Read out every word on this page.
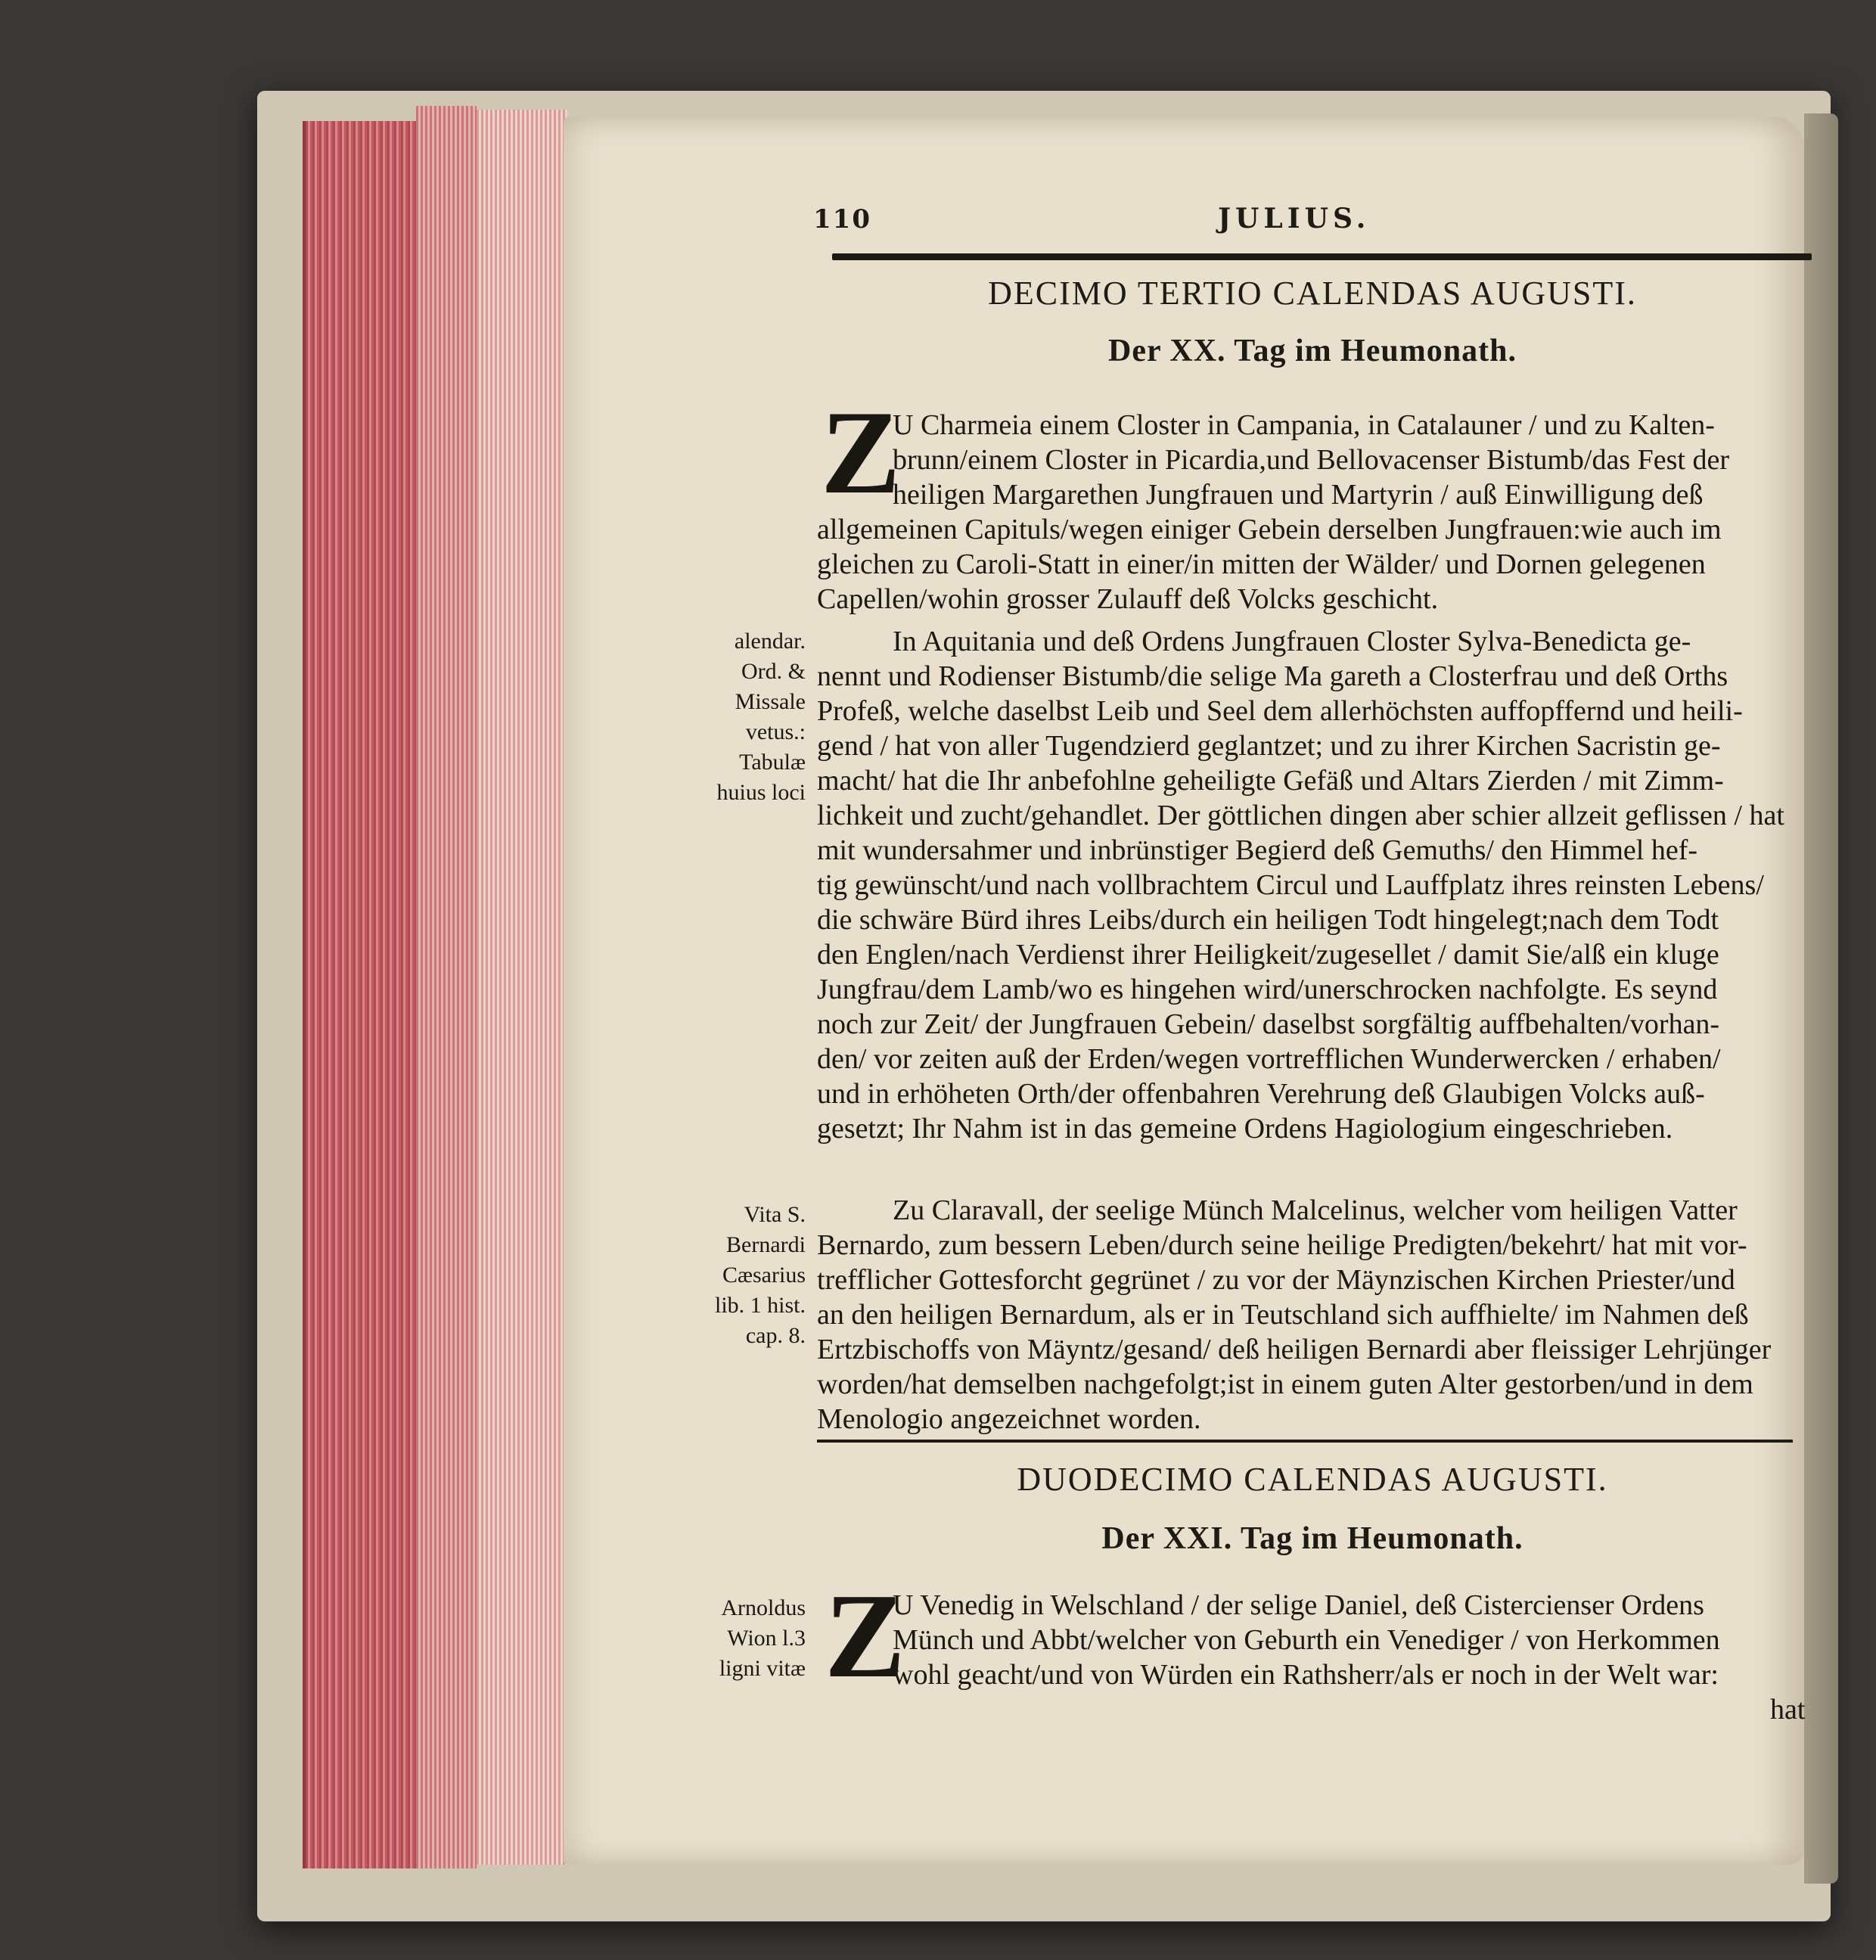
110	JULIUS.
DECIMO TERTIO CALENDAS AUGUSTI.
Der XX. Tag im Heumonath.
Z
U Charmeia einem Closter in Campania, in Catalauner / und zu Kalten-
brunn/einem Closter in Picardia,und Bellovacenser Bistumb/das Fest der
heiligen Margarethen Jungfrauen und Martyrin / auß Einwilligung deß
allgemeinen Capituls/wegen einiger Gebein derselben Jungfrauen:wie auch im
gleichen zu Caroli-Statt in einer/in mitten der Wälder/ und Dornen gelegenen
Capellen/wohin grosser Zulauff deß Volcks geschicht.
In Aquitania und deß Ordens Jungfrauen Closter Sylva-Benedicta ge-
nennt und Rodienser Bistumb/die selige Ma gareth a Closterfrau und deß Orths
Profeß, welche daselbst Leib und Seel dem allerhöchsten auffopffernd und heili-
gend / hat von aller Tugendzierd geglantzet; und zu ihrer Kirchen Sacristin ge-
macht/ hat die Ihr anbefohlne geheiligte Gefäß und Altars Zierden / mit Zimm-
lichkeit und zucht/gehandlet. Der göttlichen dingen aber schier allzeit geflissen / hat
mit wundersahmer und inbrünstiger Begierd deß Gemuths/ den Himmel hef-
tig gewünscht/und nach vollbrachtem Circul und Lauffplatz ihres reinsten Lebens/
die schwäre Bürd ihres Leibs/durch ein heiligen Todt hingelegt;nach dem Todt
den Englen/nach Verdienst ihrer Heiligkeit/zugesellet / damit Sie/alß ein kluge
Jungfrau/dem Lamb/wo es hingehen wird/unerschrocken nachfolgte. Es seynd
noch zur Zeit/ der Jungfrauen Gebein/ daselbst sorgfältig auffbehalten/vorhan-
den/ vor zeiten auß der Erden/wegen vortrefflichen Wunderwercken / erhaben/
und in erhöheten Orth/der offenbahren Verehrung deß Glaubigen Volcks auß-
gesetzt; Ihr Nahm ist in das gemeine Ordens Hagiologium eingeschrieben.
alendar.
Ord. &
Missale
vetus.:
Tabulæ
huius loci
Zu Claravall, der seelige Münch Malcelinus, welcher vom heiligen Vatter
Bernardo, zum bessern Leben/durch seine heilige Predigten/bekehrt/ hat mit vor-
trefflicher Gottesforcht gegrünet / zu vor der Mäynzischen Kirchen Priester/und
an den heiligen Bernardum, als er in Teutschland sich auffhielte/ im Nahmen deß
Ertzbischoffs von Mäyntz/gesand/ deß heiligen Bernardi aber fleissiger Lehrjünger
worden/hat demselben nachgefolgt;ist in einem guten Alter gestorben/und in dem
Menologio angezeichnet worden.
Vita S.
Bernardi
Cæsarius
lib. 1 hist.
cap. 8.
DUODECIMO CALENDAS AUGUSTI.
Der XXI. Tag im Heumonath.
Z
U Venedig in Welschland / der selige Daniel, deß Cistercienser Ordens
Münch und Abbt/welcher von Geburth ein Venediger / von Herkommen
wohl geacht/und von Würden ein Rathsherr/als er noch in der Welt war:
hat
Arnoldus
Wion l.3
ligni vitæ
